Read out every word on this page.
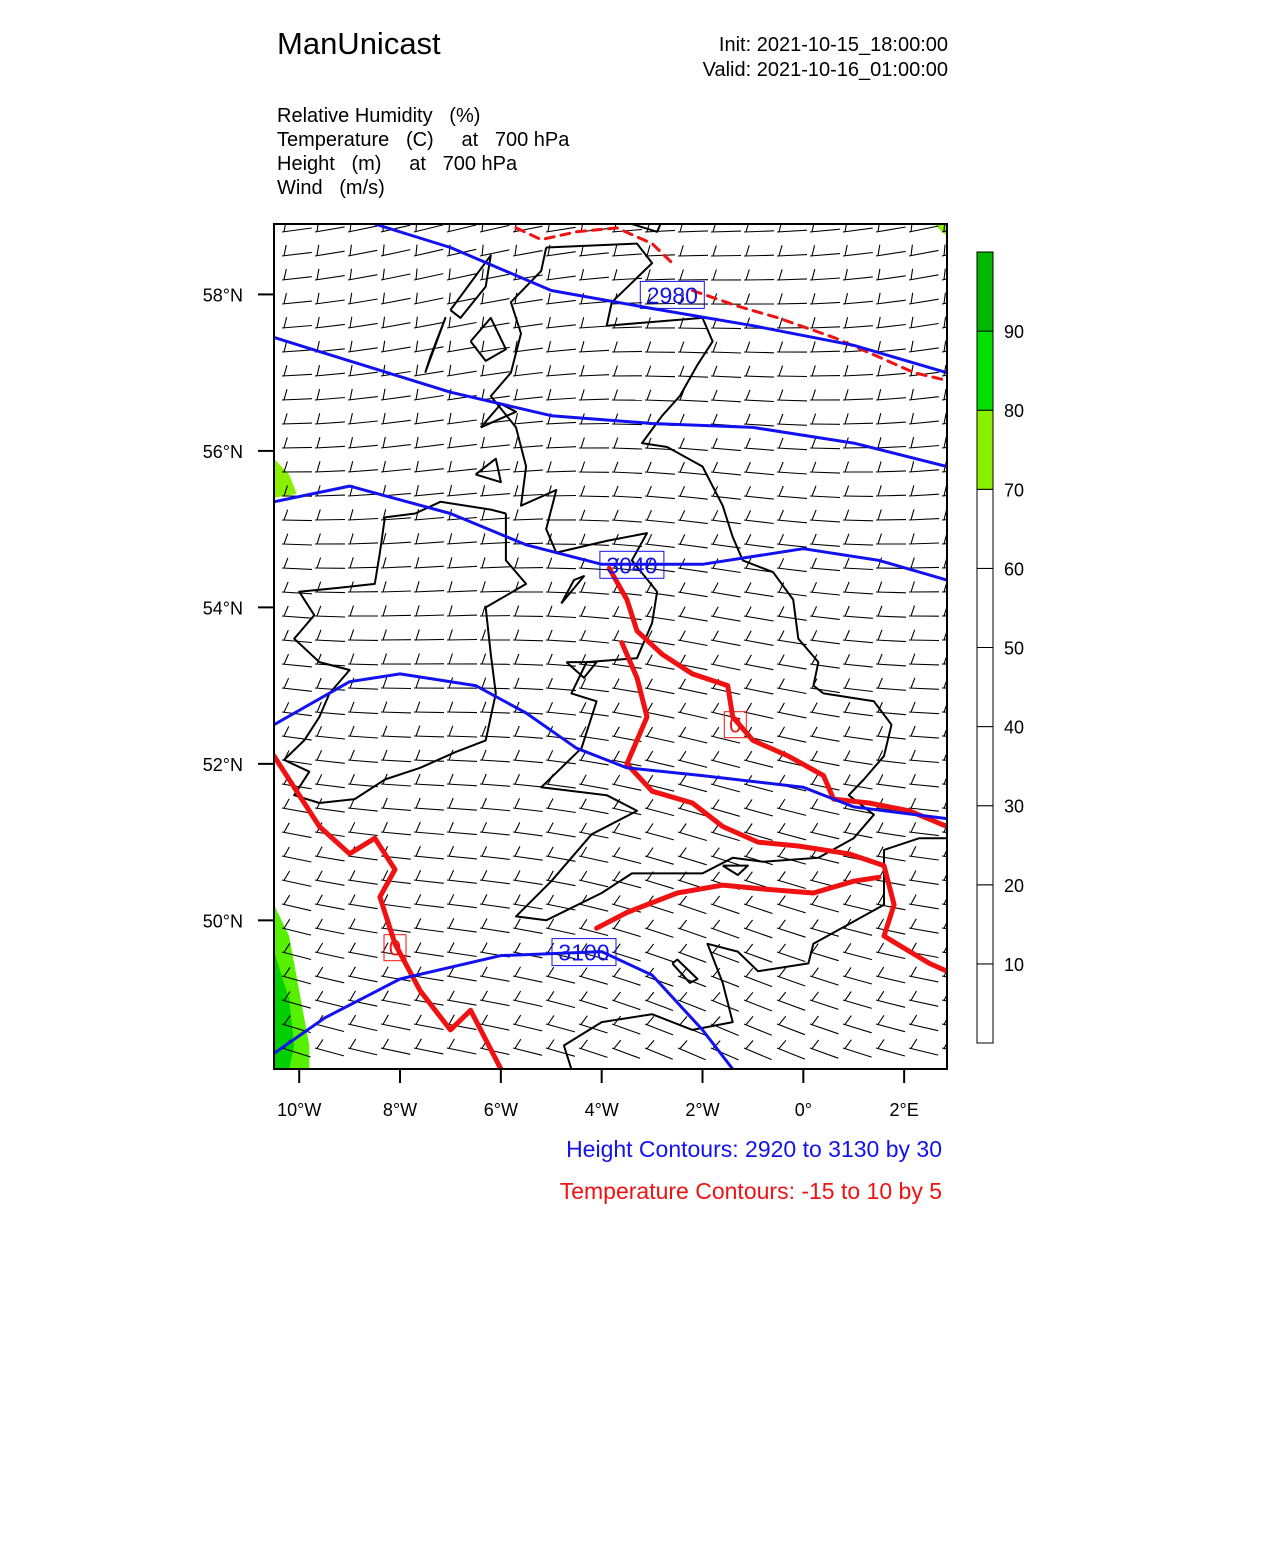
ManUnicast	Init: 2021-10-15_18:00:00
Valid: 2021-10-16_01:00:00
Relative Humidity (%)
Temperature (C) at   700 hPa
Height (m) at   700 hPa
Wind (m/s)
0
0
2980
3040
3100
10°W	8°W	6°W	4°W	2°W	0°	2°E
58°N
56°N
54°N
52°N
50°N
10
20
30
40
50
60
70
80
90
Height Contours: 2920 to 3130 by 30
Temperature Contours: -15 to 10 by 5
